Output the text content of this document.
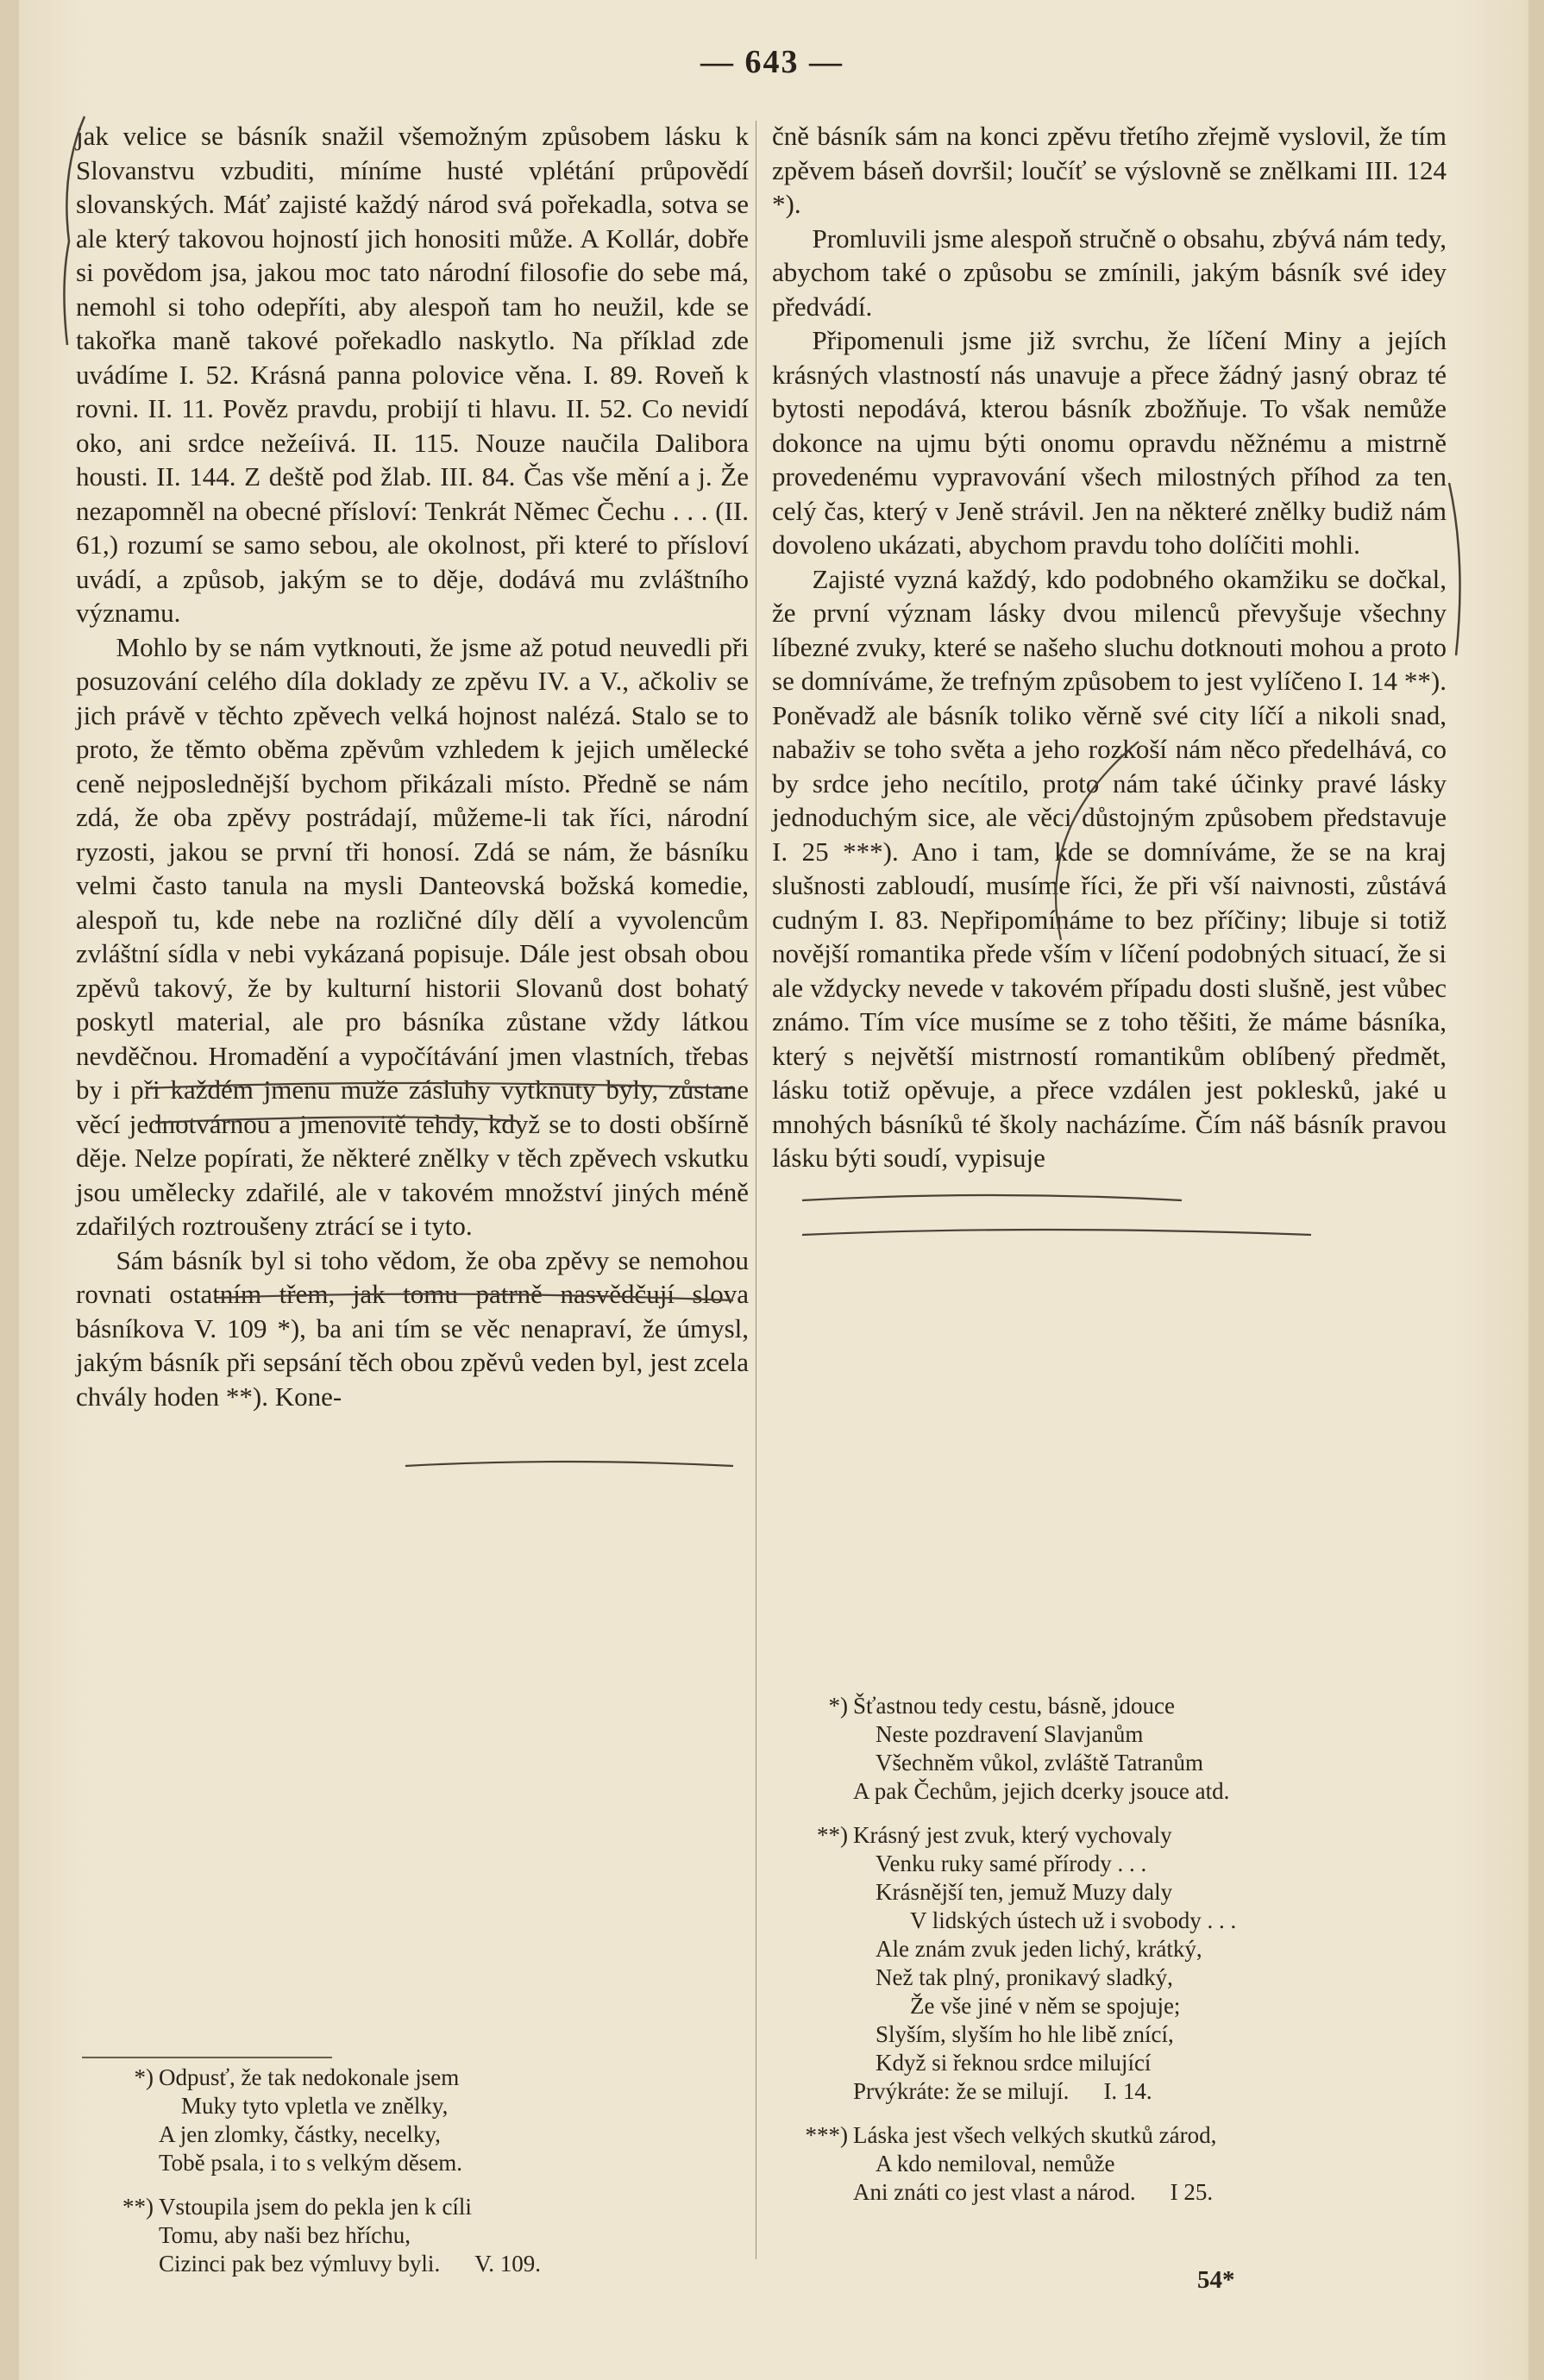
— 643 —

jak velice se básník snažil všemožným způsobem lásku k Slovanstvu vzbuditi, míníme husté vplétání průpovědí slovanských. Máť zajisté každý národ svá pořekadla, sotva se ale který takovou hojností jich honositi může. A Kollár, dobře si povědom jsa, jakou moc tato národní filosofie do sebe má, nemohl si toho odepříti, aby alespoň tam ho neužil, kde se takořka maně takové pořekadlo naskytlo. Na příklad zde uvádíme I. 52. Krásná panna polovice věna. I. 89. Roveň k rovni. II. 11. Pověz pravdu, probijí ti hlavu. II. 52. Co nevidí oko, ani srdce nežeíivá. II. 115. Nouze naučila Dalibora housti. II. 144. Z deště pod žlab. III. 84. Čas vše mění a j. Že nezapomněl na obecné přísloví: Tenkrát Němec Čechu . . . (II. 61,) rozumí se samo sebou, ale okolnost, při které to přísloví uvádí, a způsob, jakým se to děje, dodává mu zvláštního významu.

Mohlo by se nám vytknouti, že jsme až potud neuvedli při posuzování celého díla doklady ze zpěvu IV. a V., ačkoliv se jich právě v těchto zpěvech velká hojnost nalézá. Stalo se to proto, že těmto oběma zpěvům vzhledem k jejich umělecké ceně nejposlednější bychom přikázali místo. Předně se nám zdá, že oba zpěvy postrádají, můžeme-li tak říci, národní ryzosti, jakou se první tři honosí. Zdá se nám, že básníku velmi často tanula na mysli Danteovská božská komedie, alespoň tu, kde nebe na rozličné díly dělí a vyvolencům zvláštní sídla v nebi vykázaná popisuje. Dále jest obsah obou zpěvů takový, že by kulturní historii Slovanů dost bohatý poskytl material, ale pro básníka zůstane vždy látkou nevděčnou. Hromadění a vypočítávání jmen vlastních, třebas by i při každém jmenu muže zásluhy vytknuty byly, zůstane věcí jednotvárnou a jmenovitě tehdy, když se to dosti obšírně děje. Nelze popírati, že některé znělky v těch zpěvech vskutku jsou umělecky zdařilé, ale v takovém množství jiných méně zdařilých roztroušeny ztrácí se i tyto.

Sám básník byl si toho vědom, že oba zpěvy se nemohou rovnati ostatním třem, jak tomu patrně nasvědčují slova básníkova V. 109 *), ba ani tím se věc nenapraví, že úmysl, jakým básník při sepsání těch obou zpěvů veden byl, jest zcela chvály hoden **). Kone-

čně básník sám na konci zpěvu třetího zřejmě vyslovil, že tím zpěvem báseň dovršil; loučíť se výslovně se znělkami III. 124 *).

Promluvili jsme alespoň stručně o obsahu, zbývá nám tedy, abychom také o způsobu se zmínili, jakým básník své idey předvádí.

Připomenuli jsme již svrchu, že líčení Miny a jejích krásných vlastností nás unavuje a přece žádný jasný obraz té bytosti nepodává, kterou básník zbožňuje. To však nemůže dokonce na ujmu býti onomu opravdu něžnému a mistrně provedenému vypravování všech milostných příhod za ten celý čas, který v Jeně strávil. Jen na některé znělky budiž nám dovoleno ukázati, abychom pravdu toho dolíčiti mohli.

Zajisté vyzná každý, kdo podobného okamžiku se dočkal, že první význam lásky dvou milenců převyšuje všechny líbezné zvuky, které se našeho sluchu dotknouti mohou a proto se domníváme, že trefným způsobem to jest vylíčeno I. 14 **). Poněvadž ale básník toliko věrně své city líčí a nikoli snad, nabaživ se toho světa a jeho rozkoší nám něco předelhává, co by srdce jeho necítilo, proto nám také účinky pravé lásky jednoduchým sice, ale věci důstojným způsobem představuje I. 25 ***). Ano i tam, kde se domníváme, že se na kraj slušnosti zabloudí, musíme říci, že při vší naivnosti, zůstává cudným I. 83. Nepřipomínáme to bez příčiny; libuje si totiž novější romantika přede vším v líčení podobných situací, že si ale vždycky nevede v takovém případu dosti slušně, jest vůbec známo. Tím více musíme se z toho těšiti, že máme básníka, který s největší mistrností romantikům oblíbený předmět, lásku totiž opěvuje, a přece vzdálen jest poklesků, jaké u mnohých básníků té školy nacházíme. Čím náš básník pravou lásku býti soudí, vypisuje

*) Odpusť, že tak nedokonale jsem
Muky tyto vpletla ve znělky,
A jen zlomky, částky, necelky,
Tobě psala, i to s velkým děsem.
**) Vstoupila jsem do pekla jen k cíli
Tomu, aby naši bez hříchu,
Cizinci pak bez výmluvy byli. V. 109.
*) Šťastnou tedy cestu, básně, jdouce
Neste pozdravení Slavjanům
Všechněm vůkol, zvláště Tatranům
A pak Čechům, jejich dcerky jsouce atd.
**) Krásný jest zvuk, který vychovaly
Venku ruky samé přírody . . .
Krásnější ten, jemuž Muzy daly
V lidských ústech už i svobody . . .
Ale znám zvuk jeden lichý, krátký,
Než tak plný, pronikavý sladký,
Že vše jiné v něm se spojuje;
Slyším, slyším ho hle libě znící,
Když si řeknou srdce milující
Prvýkráte: že se milují. I. 14.
***) Láska jest všech velkých skutků zárod,
A kdo nemiloval, nemůže
Ani znáti co jest vlast a národ. I 25.
54*
